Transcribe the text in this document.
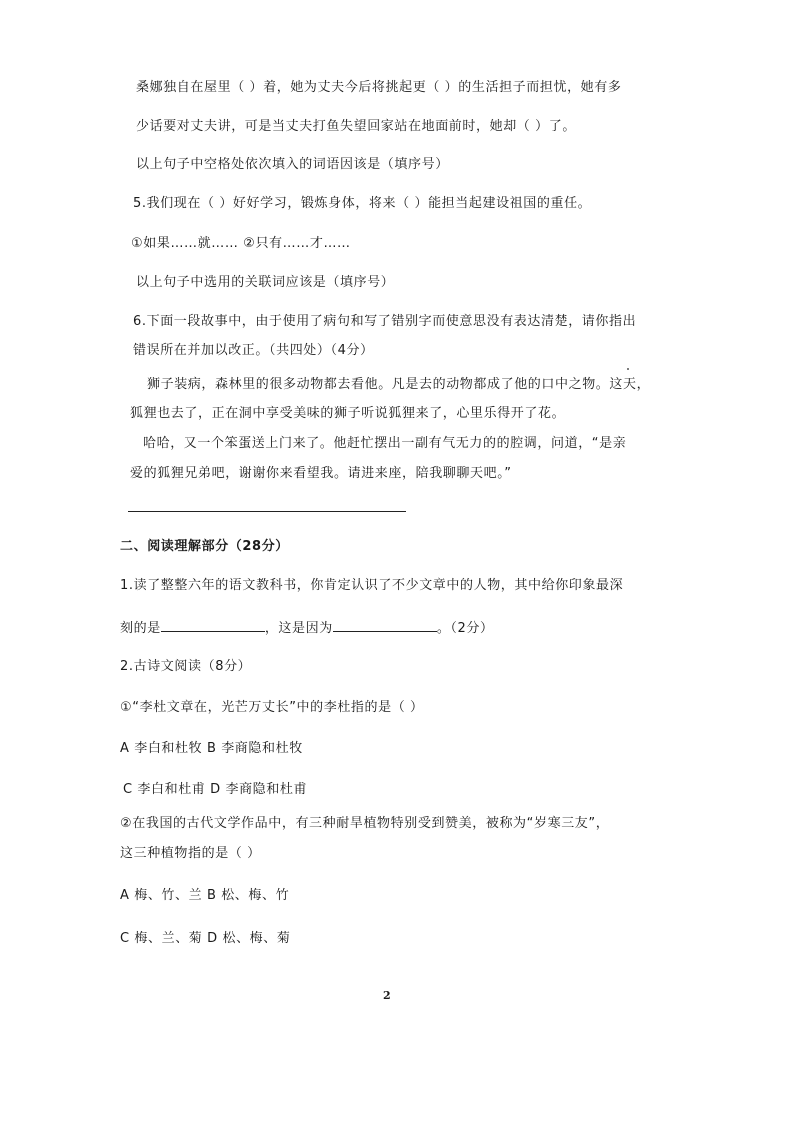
桑娜独自在屋里（ ）着，她为丈夫今后将挑起更（ ）的生活担子而担忧，她有多
少话要对丈夫讲，可是当丈夫打鱼失望回家站在地面前时，她却（ ）了。
以上句子中空格处依次填入的词语因该是（填序号）
5.我们现在（ ）好好学习，锻炼身体，将来（ ）能担当起建设祖国的重任。
①如果……就…… ②只有……才……
以上句子中选用的关联词应该是（填序号）
6.下面一段故事中，由于使用了病句和写了错别字而使意思没有表达清楚，请你指出
错误所在并加以改正。（共四处）（4分）
狮子装病，森林里的很多动物都去看他。凡是去的动物都成了他的口中之物。这天，
狐狸也去了，正在洞中享受美味的狮子听说狐狸来了，心里乐得开了花。
哈哈，又一个笨蛋送上门来了。他赶忙摆出一副有气无力的的腔调，问道，“是亲
爱的狐狸兄弟吧，谢谢你来看望我。请进来座，陪我聊聊天吧。”
二、阅读理解部分（28分）
1.读了整整六年的语文教科书，你肯定认识了不少文章中的人物，其中给你印象最深
刻的是	，这是因为	。（2分）
2.古诗文阅读（8分）
①“李杜文章在，光芒万丈长”中的李杜指的是（ ）
A 李白和杜牧 B 李商隐和杜牧
C 李白和杜甫 D 李商隐和杜甫
②在我国的古代文学作品中，有三种耐旱植物特别受到赞美，被称为“岁寒三友”，
这三种植物指的是（ ）
A 梅、竹、兰 B 松、梅、竹
C 梅、兰、菊 D 松、梅、菊
2
